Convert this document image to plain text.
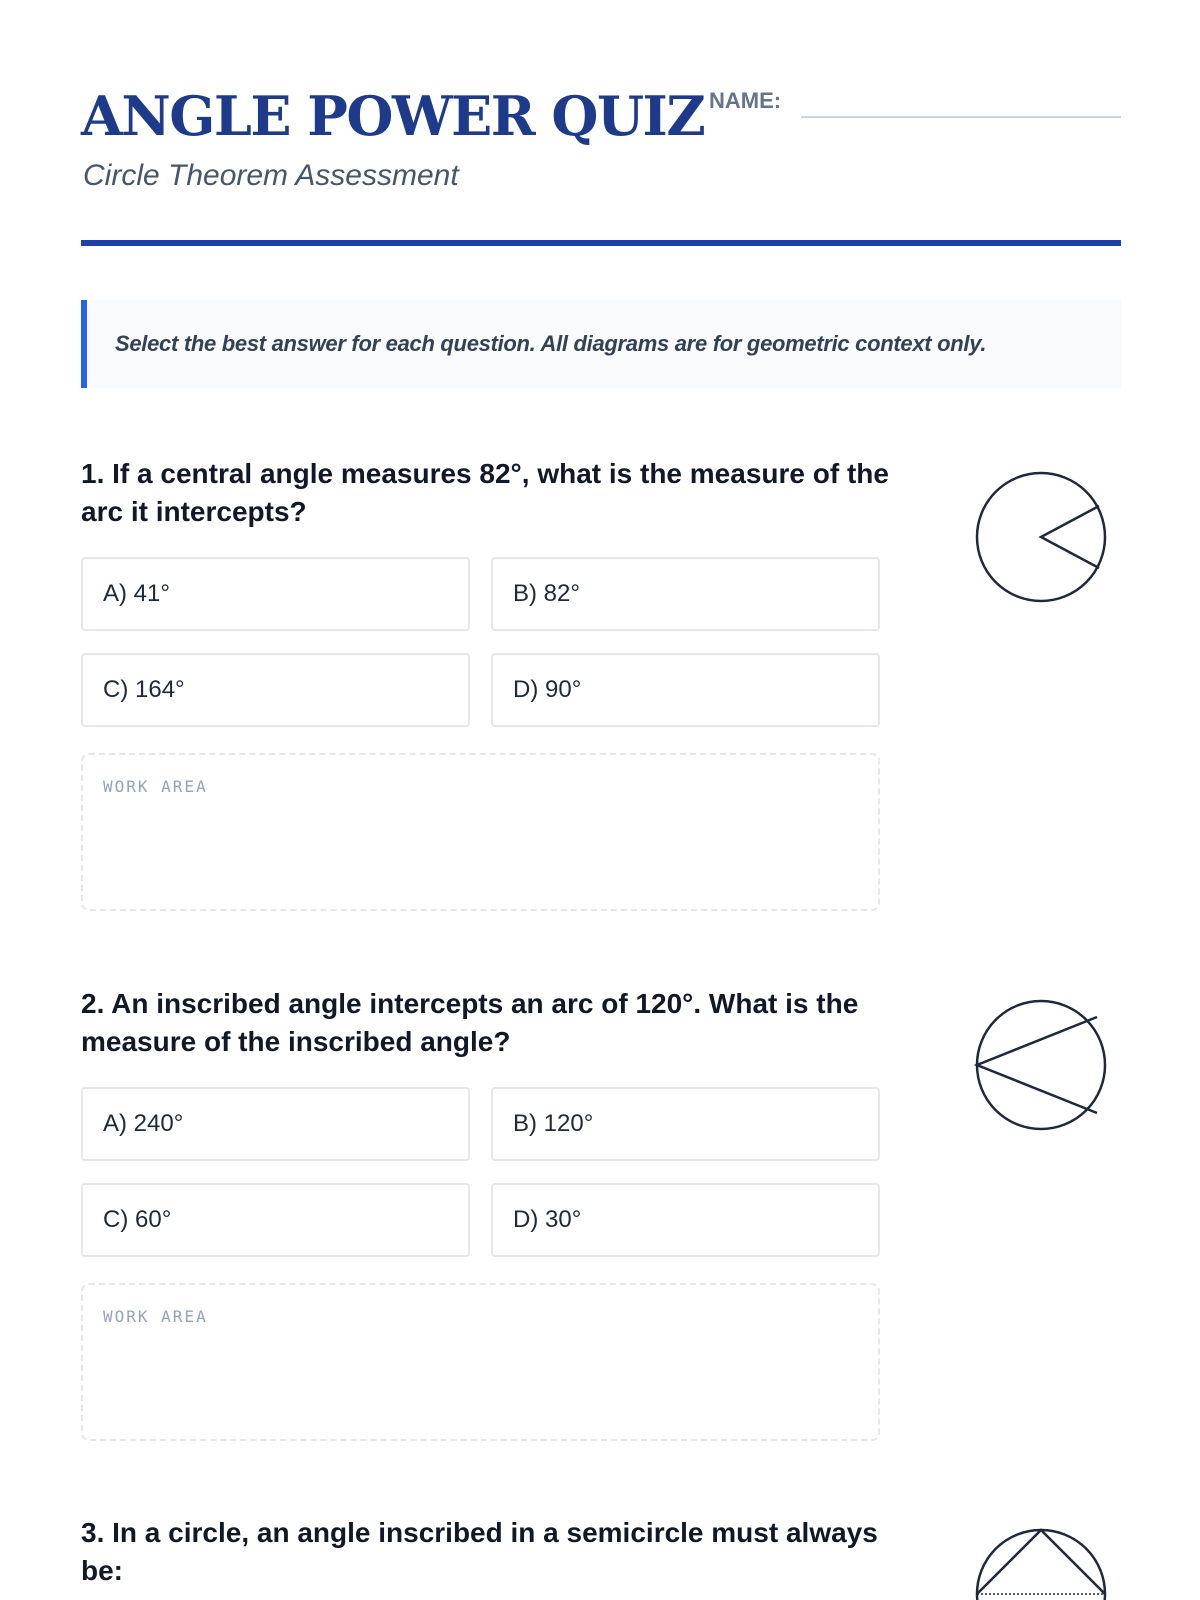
ANGLE POWER QUIZ
Circle Theorem Assessment
NAME:
Select the best answer for each question. All diagrams are for geometric context only.

1. If a central angle measures 82°, what is the measure of the arc it intercepts?

A) 41°	B) 82°
C) 164°	D) 90°
WORK AREA

2. An inscribed angle intercepts an arc of 120°. What is the measure of the inscribed angle?

A) 240°	B) 120°
C) 60°	D) 30°
WORK AREA

3. In a circle, an angle inscribed in a semicircle must always be:
